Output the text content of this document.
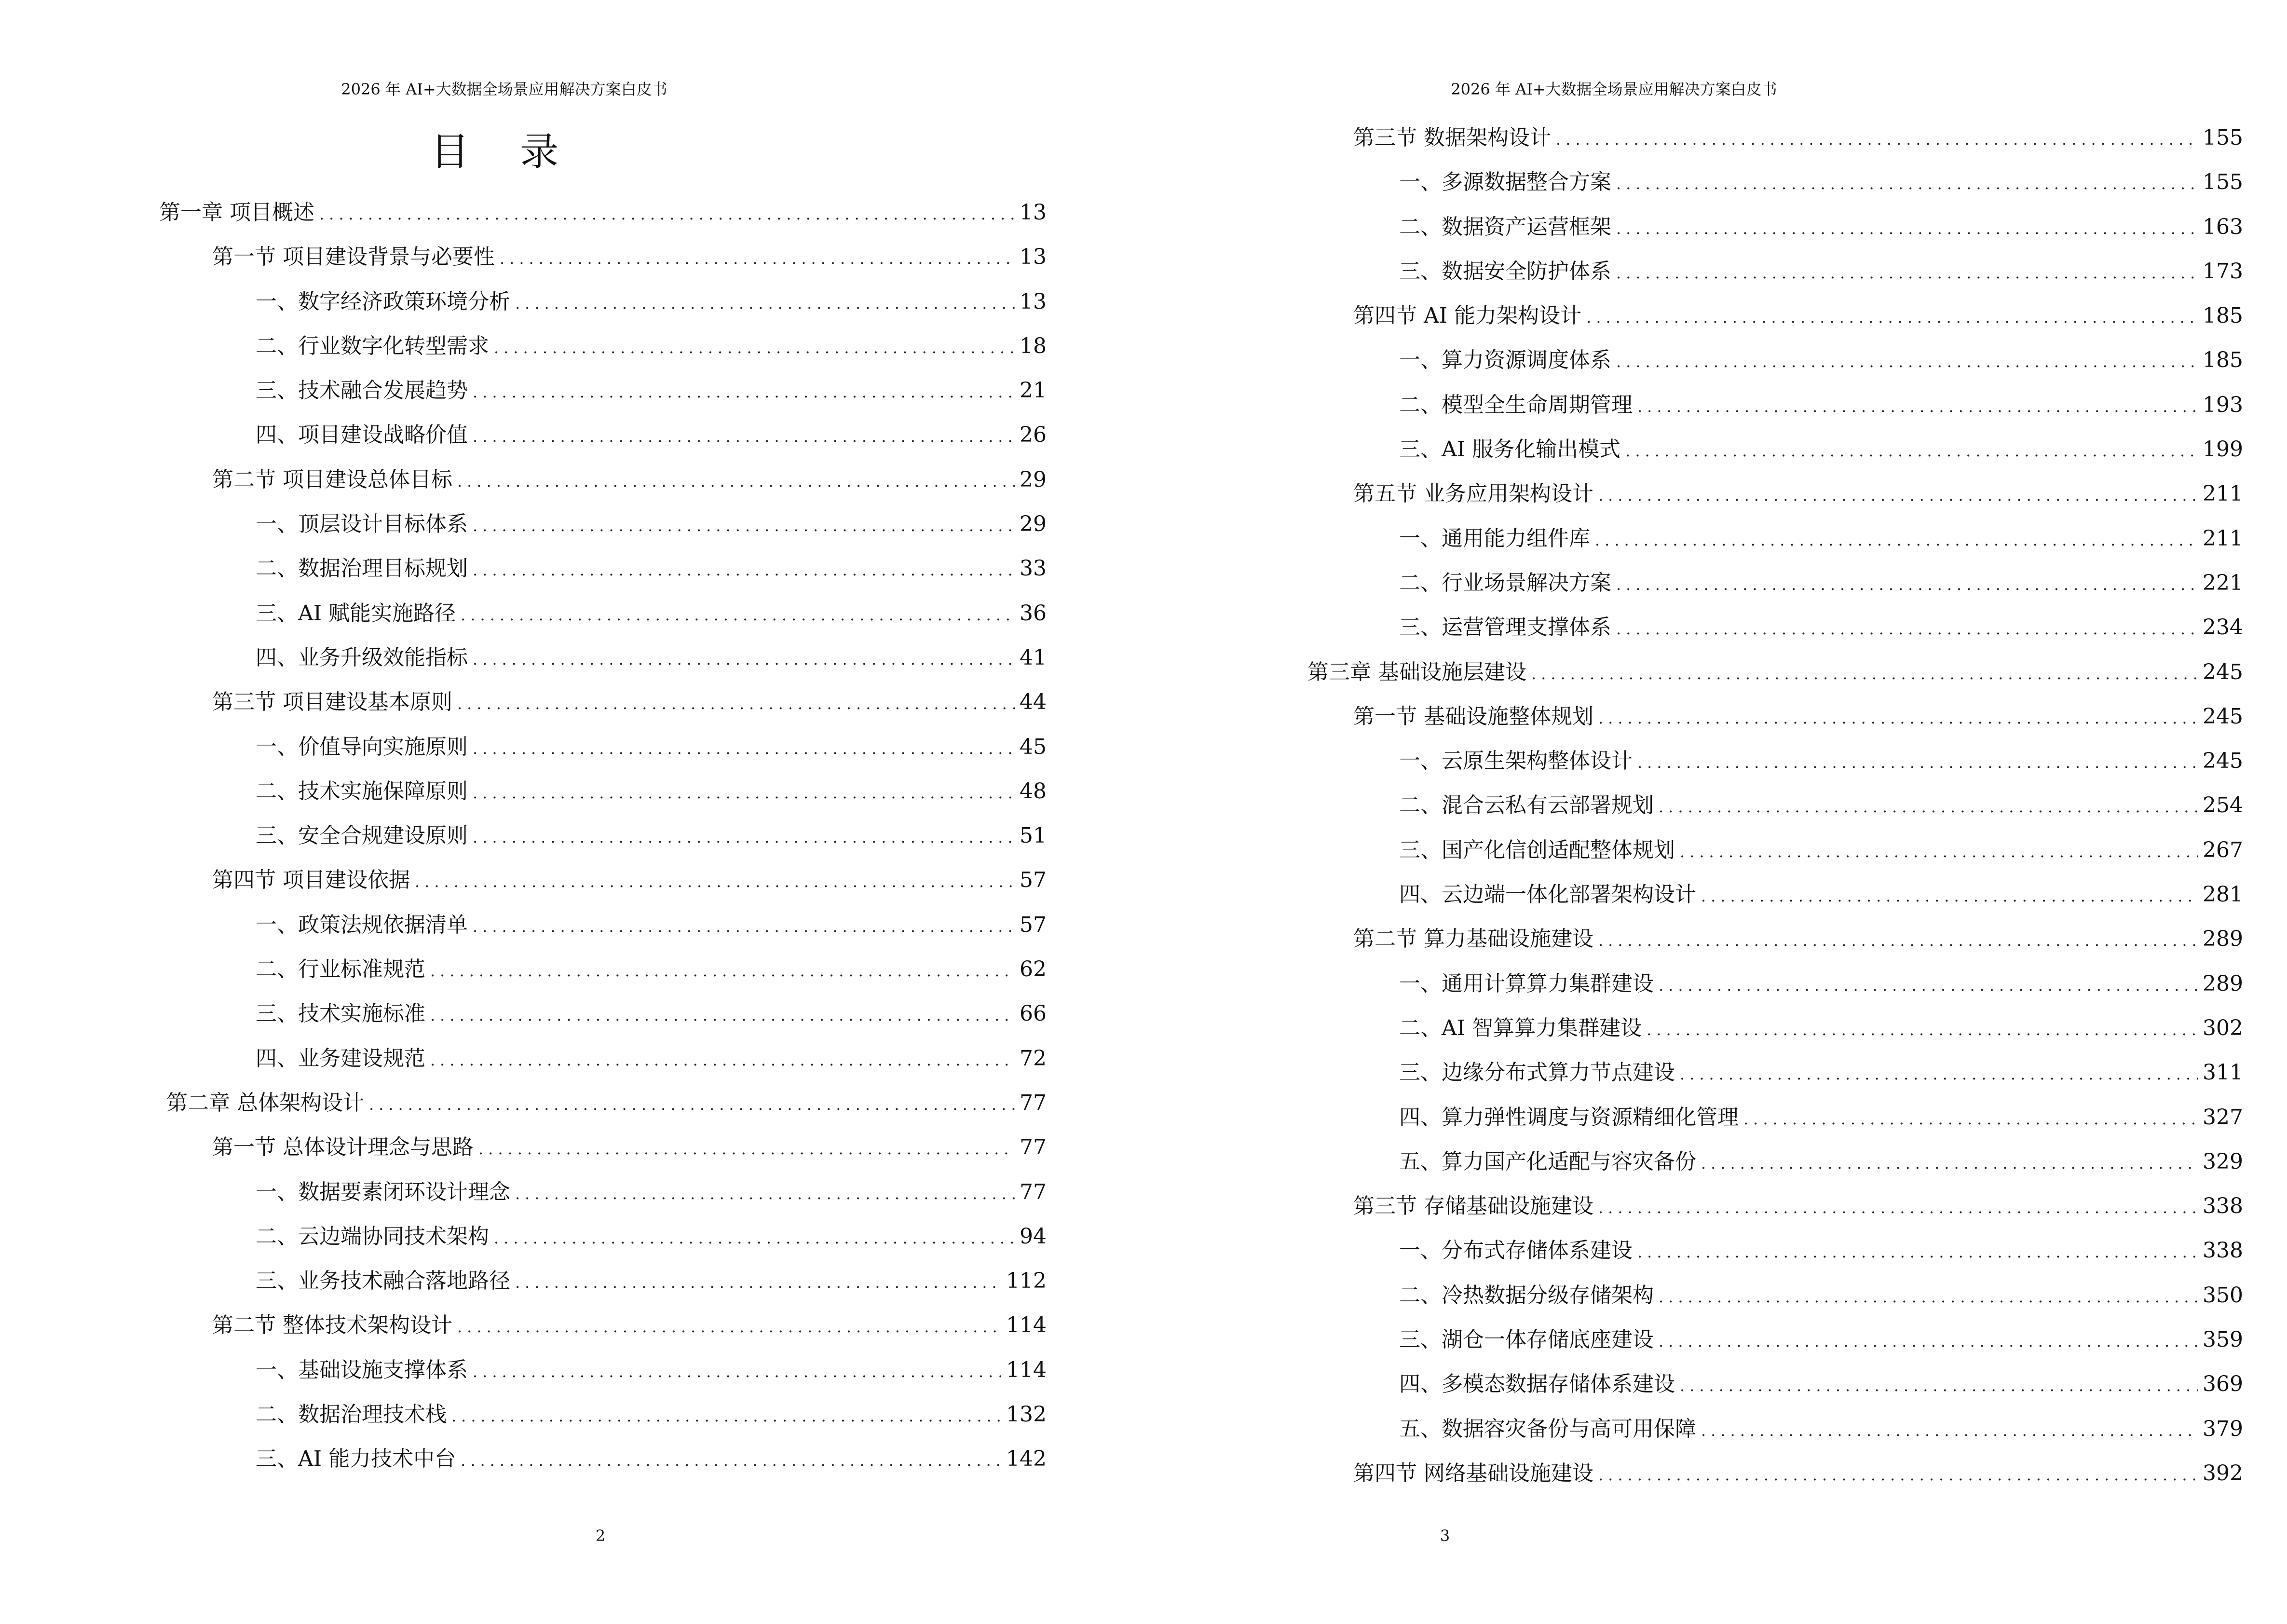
2026 年 AI+大数据全场景应用解决方案白皮书
目 录
第一章 项目概述 .....	13
第一节 项目建设背景与必要性 .....	13
一、数字经济政策环境分析 .....	13
二、行业数字化转型需求 .....	18
三、技术融合发展趋势 .....	21
四、项目建设战略价值 .....	26
第二节 项目建设总体目标 .....	29
一、顶层设计目标体系 .....	29
二、数据治理目标规划 .....	33
三、AI 赋能实施路径 .....	36
四、业务升级效能指标 .....	41
第三节 项目建设基本原则 .....	44
一、价值导向实施原则 .....	45
二、技术实施保障原则 .....	48
三、安全合规建设原则 .....	51
第四节 项目建设依据 .....	57
一、政策法规依据清单 .....	57
二、行业标准规范 .....	62
三、技术实施标准 .....	66
四、业务建设规范 .....	72
第二章 总体架构设计 .....	77
第一节 总体设计理念与思路 .....	77
一、数据要素闭环设计理念 .....	77
二、云边端协同技术架构 .....	94
三、业务技术融合落地路径 .....	112
第二节 整体技术架构设计 .....	114
一、基础设施支撑体系 .....	114
二、数据治理技术栈 .....	132
三、AI 能力技术中台 .....	142
2
2026 年 AI+大数据全场景应用解决方案白皮书
第三节 数据架构设计 .....	155
一、多源数据整合方案 .....	155
二、数据资产运营框架 .....	163
三、数据安全防护体系 .....	173
第四节 AI 能力架构设计 .....	185
一、算力资源调度体系 .....	185
二、模型全生命周期管理 .....	193
三、AI 服务化输出模式 .....	199
第五节 业务应用架构设计 .....	211
一、通用能力组件库 .....	211
二、行业场景解决方案 .....	221
三、运营管理支撑体系 .....	234
第三章 基础设施层建设 .....	245
第一节 基础设施整体规划 .....	245
一、云原生架构整体设计 .....	245
二、混合云私有云部署规划 .....	254
三、国产化信创适配整体规划 .....	267
四、云边端一体化部署架构设计 .....	281
第二节 算力基础设施建设 .....	289
一、通用计算算力集群建设 .....	289
二、AI 智算算力集群建设 .....	302
三、边缘分布式算力节点建设 .....	311
四、算力弹性调度与资源精细化管理 .....	327
五、算力国产化适配与容灾备份 .....	329
第三节 存储基础设施建设 .....	338
一、分布式存储体系建设 .....	338
二、冷热数据分级存储架构 .....	350
三、湖仓一体存储底座建设 .....	359
四、多模态数据存储体系建设 .....	369
五、数据容灾备份与高可用保障 .....	379
第四节 网络基础设施建设 .....	392
3
